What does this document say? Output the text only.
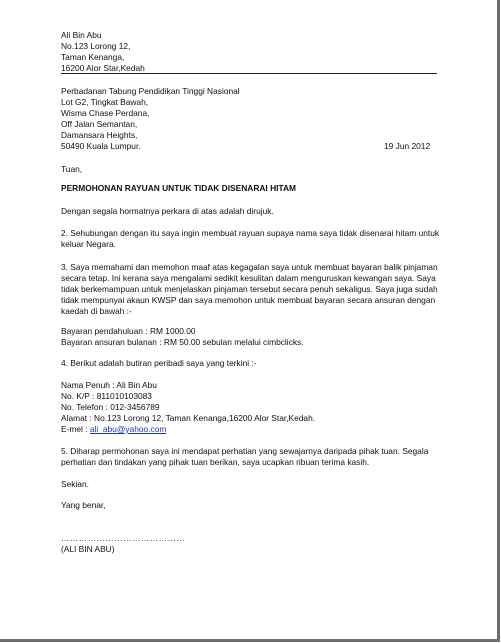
Ali Bin Abu
No.123 Lorong 12,
Taman Kenanga,
16200 Alor Star,Kedah
Perbadanan Tabung Pendidikan Tinggi Nasional
Lot G2, Tingkat Bawah,
Wisma Chase Perdana,
Off Jalan Semantan,
Damansara Heights,
50490 Kuala Lumpur.	19 Jun 2012
Tuan,
PERMOHONAN RAYUAN UNTUK TIDAK DISENARAI HITAM
Dengan segala hormatnya perkara di atas adalah dirujuk.
2. Sehubungan dengan itu saya ingin membuat rayuan supaya nama saya tidak disenarai hitam untuk
keluar Negara.
3. Saya memahami dan memohon maaf atas kegagalan saya untuk membuat bayaran balik pinjaman
secara tetap. Ini kerana saya mengalami sedikit kesulitan dalam menguruskan kewangan saya. Saya
tidak berkemampuan untuk menjelaskan pinjaman tersebut secara penuh sekaligus. Saya juga sudah
tidak mempunyai akaun KWSP dan saya memohon untuk membuat bayaran secara ansuran dengan
kaedah di bawah :-
Bayaran pendahuluan : RM 1000.00
Bayaran ansuran bulanan : RM 50.00 sebulan melalui cimbclicks.
4. Berikut adalah butiran peribadi saya yang terkini :-
Nama Penuh : Ali Bin Abu
No. K/P : 811010103083
No. Telefon : 012-3456789
Alamat : No.123 Lorong 12, Taman Kenanga,16200 Alor Star,Kedah.
E-mel : ali_abu@yahoo.com
5. Diharap permohonan saya ini mendapat perhatian yang sewajarnya daripada pihak tuan. Segala
perhatian dan tindakan yang pihak tuan berikan, saya ucapkan ribuan terima kasih.
Sekian.
Yang benar,
……………………………………
(ALI BIN ABU)
